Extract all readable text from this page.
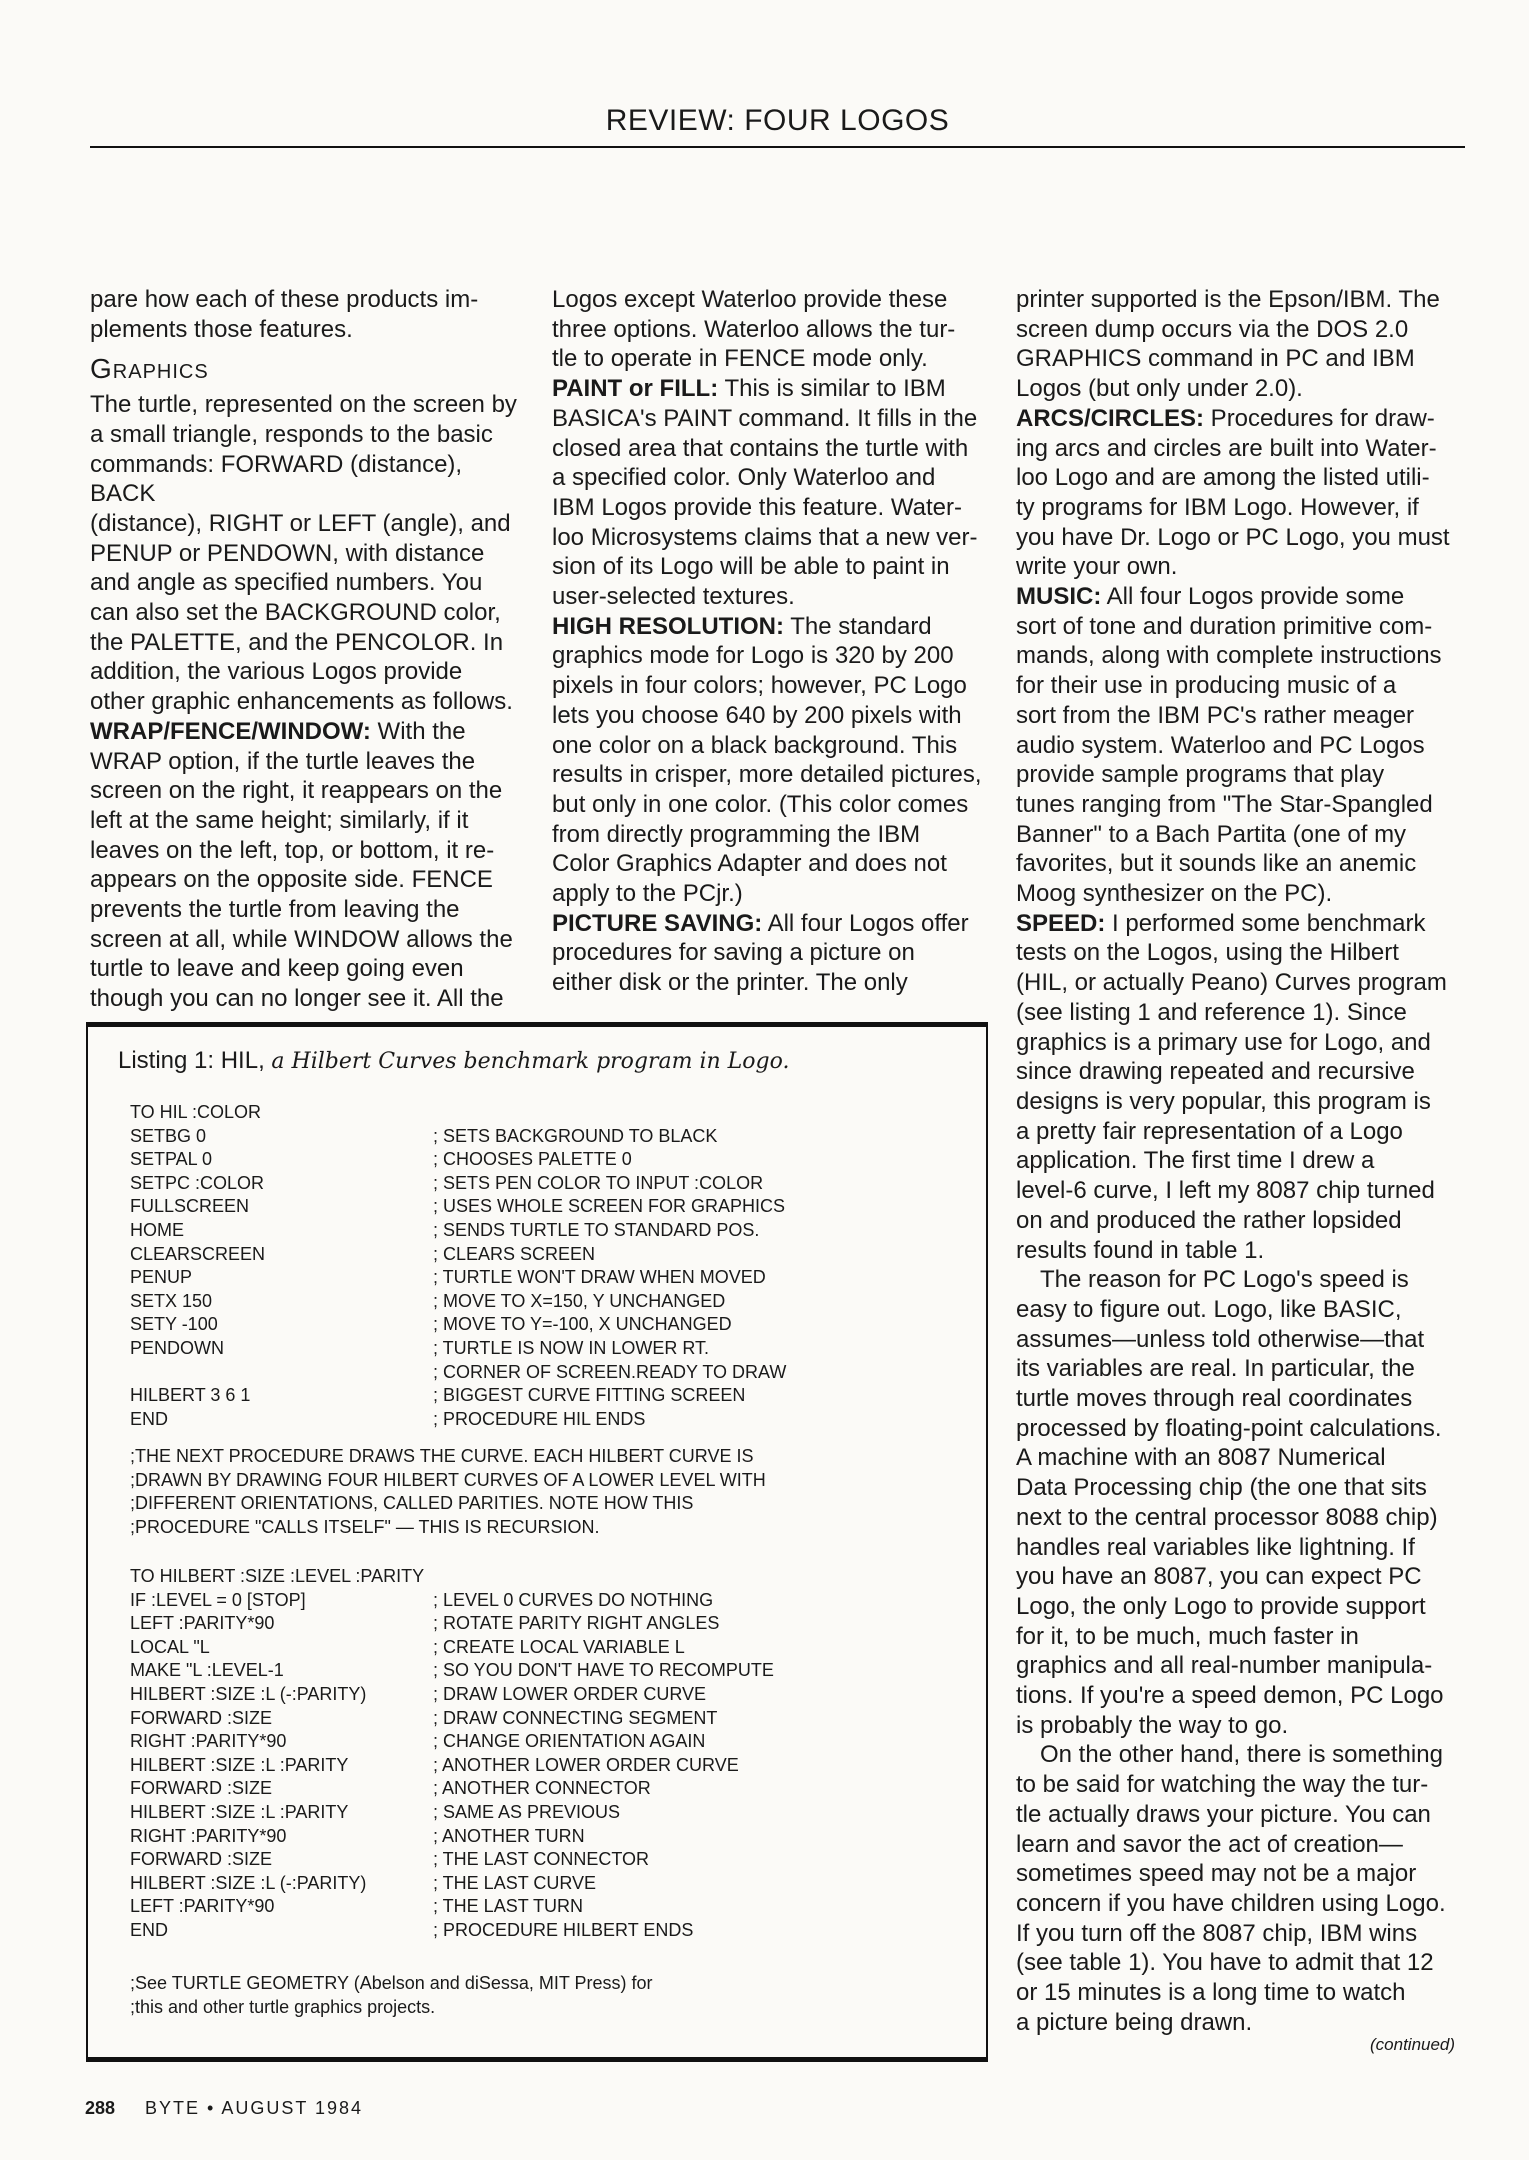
REVIEW: FOUR LOGOS
pare how each of these products im-
plements those features.
Graphics
The turtle, represented on the screen by
a small triangle, responds to the basic
commands: FORWARD (distance), BACK
(distance), RIGHT or LEFT (angle), and
PENUP or PENDOWN, with distance
and angle as specified numbers. You
can also set the BACKGROUND color,
the PALETTE, and the PENCOLOR. In
addition, the various Logos provide
other graphic enhancements as follows.
WRAP/FENCE/WINDOW: With the
WRAP option, if the turtle leaves the
screen on the right, it reappears on the
left at the same height; similarly, if it
leaves on the left, top, or bottom, it re-
appears on the opposite side. FENCE
prevents the turtle from leaving the
screen at all, while WINDOW allows the
turtle to leave and keep going even
though you can no longer see it. All the
Logos except Waterloo provide these
three options. Waterloo allows the tur-
tle to operate in FENCE mode only.
PAINT or FILL: This is similar to IBM
BASICA's PAINT command. It fills in the
closed area that contains the turtle with
a specified color. Only Waterloo and
IBM Logos provide this feature. Water-
loo Microsystems claims that a new ver-
sion of its Logo will be able to paint in
user-selected textures.
HIGH RESOLUTION: The standard
graphics mode for Logo is 320 by 200
pixels in four colors; however, PC Logo
lets you choose 640 by 200 pixels with
one color on a black background. This
results in crisper, more detailed pictures,
but only in one color. (This color comes
from directly programming the IBM
Color Graphics Adapter and does not
apply to the PCjr.)
PICTURE SAVING: All four Logos offer
procedures for saving a picture on
either disk or the printer. The only
printer supported is the Epson/IBM. The
screen dump occurs via the DOS 2.0
GRAPHICS command in PC and IBM
Logos (but only under 2.0).
ARCS/CIRCLES: Procedures for draw-
ing arcs and circles are built into Water-
loo Logo and are among the listed utili-
ty programs for IBM Logo. However, if
you have Dr. Logo or PC Logo, you must
write your own.
MUSIC: All four Logos provide some
sort of tone and duration primitive com-
mands, along with complete instructions
for their use in producing music of a
sort from the IBM PC's rather meager
audio system. Waterloo and PC Logos
provide sample programs that play
tunes ranging from "The Star-Spangled
Banner" to a Bach Partita (one of my
favorites, but it sounds like an anemic
Moog synthesizer on the PC).
SPEED: I performed some benchmark
tests on the Logos, using the Hilbert
(HIL, or actually Peano) Curves program
(see listing 1 and reference 1). Since
graphics is a primary use for Logo, and
since drawing repeated and recursive
designs is very popular, this program is
a pretty fair representation of a Logo
application. The first time I drew a
level-6 curve, I left my 8087 chip turned
on and produced the rather lopsided
results found in table 1.
The reason for PC Logo's speed is
easy to figure out. Logo, like BASIC,
assumes—unless told otherwise—that
its variables are real. In particular, the
turtle moves through real coordinates
processed by floating-point calculations.
A machine with an 8087 Numerical
Data Processing chip (the one that sits
next to the central processor 8088 chip)
handles real variables like lightning. If
you have an 8087, you can expect PC
Logo, the only Logo to provide support
for it, to be much, much faster in
graphics and all real-number manipula-
tions. If you're a speed demon, PC Logo
is probably the way to go.
On the other hand, there is something
to be said for watching the way the tur-
tle actually draws your picture. You can
learn and savor the act of creation—
sometimes speed may not be a major
concern if you have children using Logo.
If you turn off the 8087 chip, IBM wins
(see table 1). You have to admit that 12
or 15 minutes is a long time to watch
a picture being drawn.
(continued)
Listing 1: HIL, a Hilbert Curves benchmark program in Logo.
TO HIL :COLOR
SETBG 0
SETPAL 0
SETPC :COLOR
FULLSCREEN
HOME
CLEARSCREEN
PENUP
SETX 150
SETY -100
PENDOWN
HILBERT 3 6 1
END
; SETS BACKGROUND TO BLACK
; CHOOSES PALETTE 0
; SETS PEN COLOR TO INPUT :COLOR
; USES WHOLE SCREEN FOR GRAPHICS
; SENDS TURTLE TO STANDARD POS.
; CLEARS SCREEN
; TURTLE WON'T DRAW WHEN MOVED
; MOVE TO X=150, Y UNCHANGED
; MOVE TO Y=-100, X UNCHANGED
; TURTLE IS NOW IN LOWER RT.
; CORNER OF SCREEN.READY TO DRAW
; BIGGEST CURVE FITTING SCREEN
; PROCEDURE HIL ENDS
;THE NEXT PROCEDURE DRAWS THE CURVE. EACH HILBERT CURVE IS
;DRAWN BY DRAWING FOUR HILBERT CURVES OF A LOWER LEVEL WITH
;DIFFERENT ORIENTATIONS, CALLED PARITIES. NOTE HOW THIS
;PROCEDURE "CALLS ITSELF" — THIS IS RECURSION.
TO HILBERT :SIZE :LEVEL :PARITY
IF :LEVEL = 0 [STOP]
LEFT :PARITY*90
LOCAL "L
MAKE "L :LEVEL-1
HILBERT :SIZE :L (-:PARITY)
FORWARD :SIZE
RIGHT :PARITY*90
HILBERT :SIZE :L :PARITY
FORWARD :SIZE
HILBERT :SIZE :L :PARITY
RIGHT :PARITY*90
FORWARD :SIZE
HILBERT :SIZE :L (-:PARITY)
LEFT :PARITY*90
END
; LEVEL 0 CURVES DO NOTHING
; ROTATE PARITY RIGHT ANGLES
; CREATE LOCAL VARIABLE L
; SO YOU DON'T HAVE TO RECOMPUTE
; DRAW LOWER ORDER CURVE
; DRAW CONNECTING SEGMENT
; CHANGE ORIENTATION AGAIN
; ANOTHER LOWER ORDER CURVE
; ANOTHER CONNECTOR
; SAME AS PREVIOUS
; ANOTHER TURN
; THE LAST CONNECTOR
; THE LAST CURVE
; THE LAST TURN
; PROCEDURE HILBERT ENDS
;See TURTLE GEOMETRY (Abelson and diSessa, MIT Press) for
;this and other turtle graphics projects.
288 BYTE • AUGUST 1984
